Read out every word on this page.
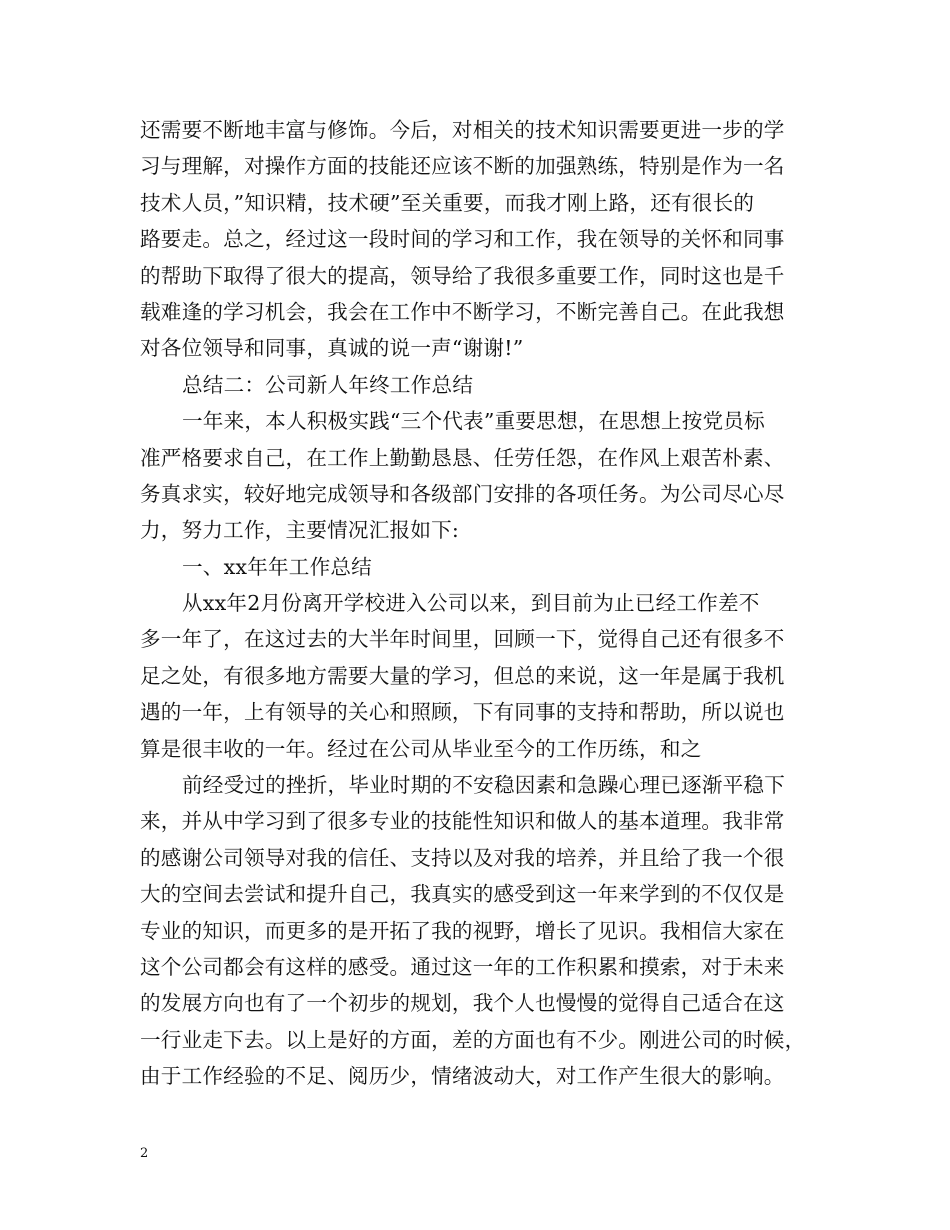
还需要不断地丰富与修饰。今后，对相关的技术知识需要更进一步的学
习与理解，对操作方面的技能还应该不断的加强熟练，特别是作为一名
技术人员，”知识精，技术硬”至关重要，而我才刚上路，还有很长的
路要走。总之，经过这一段时间的学习和工作，我在领导的关怀和同事
的帮助下取得了很大的提高，领导给了我很多重要工作，同时这也是千
载难逢的学习机会，我会在工作中不断学习，不断完善自己。在此我想
对各位领导和同事，真诚的说一声“谢谢!”
总结二：公司新人年终工作总结
一年来，本人积极实践“三个代表”重要思想，在思想上按党员标
准严格要求自己，在工作上勤勤恳恳、任劳任怨，在作风上艰苦朴素、
务真求实，较好地完成领导和各级部门安排的各项任务。为公司尽心尽
力，努力工作，主要情况汇报如下:
一、xx年年工作总结
从xx年2月份离开学校进入公司以来，到目前为止已经工作差不
多一年了，在这过去的大半年时间里，回顾一下，觉得自己还有很多不
足之处，有很多地方需要大量的学习，但总的来说，这一年是属于我机
遇的一年，上有领导的关心和照顾，下有同事的支持和帮助，所以说也
算是很丰收的一年。经过在公司从毕业至今的工作历练，和之
前经受过的挫折，毕业时期的不安稳因素和急躁心理已逐渐平稳下
来，并从中学习到了很多专业的技能性知识和做人的基本道理。我非常
的感谢公司领导对我的信任、支持以及对我的培养，并且给了我一个很
大的空间去尝试和提升自己，我真实的感受到这一年来学到的不仅仅是
专业的知识，而更多的是开拓了我的视野，增长了见识。我相信大家在
这个公司都会有这样的感受。通过这一年的工作积累和摸索，对于未来
的发展方向也有了一个初步的规划，我个人也慢慢的觉得自己适合在这
一行业走下去。以上是好的方面，差的方面也有不少。刚进公司的时候，
由于工作经验的不足、阅历少，情绪波动大，对工作产生很大的影响。
2
